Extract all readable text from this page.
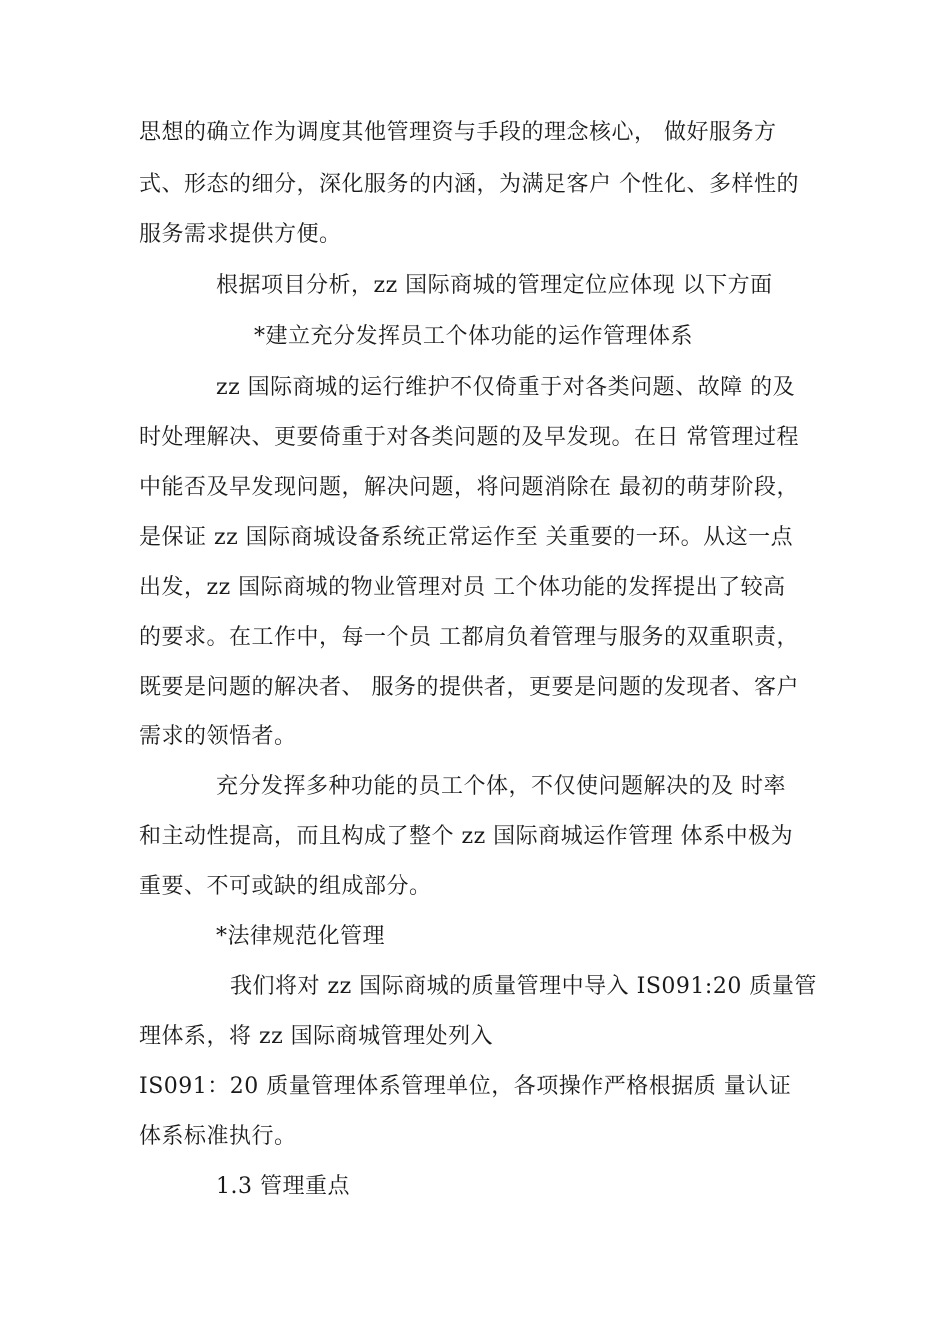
思想的确立作为调度其他管理资与手段的理念核心， 做好服务方
式、形态的细分，深化服务的内涵，为满足客户 个性化、多样性的
服务需求提供方便。
根据项目分析，zz 国际商城的管理定位应体现 以下方面
*建立充分发挥员工个体功能的运作管理体系
zz 国际商城的运行维护不仅倚重于对各类问题、故障 的及
时处理解决、更要倚重于对各类问题的及早发现。在日 常管理过程
中能否及早发现问题，解决问题，将问题消除在 最初的萌芽阶段，
是保证 zz 国际商城设备系统正常运作至 关重要的一环。从这一点
出发，zz 国际商城的物业管理对员 工个体功能的发挥提出了较高
的要求。在工作中，每一个员 工都肩负着管理与服务的双重职责，
既要是问题的解决者、 服务的提供者，更要是问题的发现者、客户
需求的领悟者。
充分发挥多种功能的员工个体，不仅使问题解决的及 时率
和主动性提高，而且构成了整个 zz 国际商城运作管理 体系中极为
重要、不可或缺的组成部分。
*法律规范化管理
我们将对 zz 国际商城的质量管理中导入 IS091:20 质量管
理体系，将 zz 国际商城管理处列入
IS091：20 质量管理体系管理单位，各项操作严格根据质 量认证
体系标准执行。
1.3 管理重点
